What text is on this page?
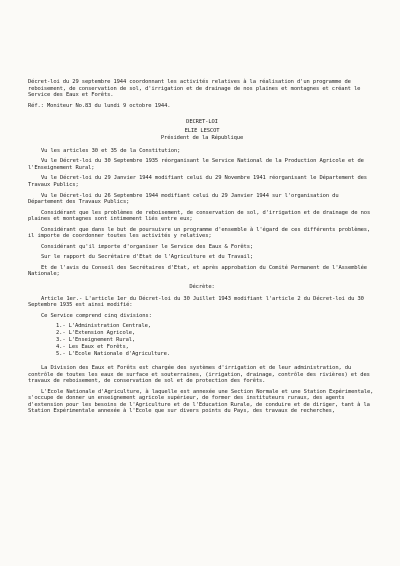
Décret-loi du 29 septembre 1944 coordonnant les activités relatives à la réalisation d'un programme de reboisement, de conservation de sol, d'irrigation et de drainage de nos plaines et montagnes et créant le Service des Eaux et Forêts.

Réf.: Moniteur No.83 du lundi 9 octobre 1944.

DECRET-LOI

ELIE LESCOT

Président de la République

Vu les articles 30 et 35 de la Constitution;

Vu le Décret-loi du 30 Septembre 1935 réorganisant le Service National de la Production Agricole et de l'Enseignement Rural;

Vu le Décret-loi du 29 Janvier 1944 modifiant celui du 29 Novembre 1941 réorganisant le Département des Travaux Publics;

Vu le Décret-loi du 26 Septembre 1944 modifiant celui du 29 Janvier 1944 sur l'organisation du Département des Travaux Publics;

Considérant que les problèmes de reboisement, de conservation de sol, d'irrigation et de drainage de nos plaines et montagnes sont intimement liés entre eux;

Considérant que dans le but de poursuivre un programme d'ensemble à l'égard de ces différents problèmes, il importe de coordonner toutes les activités y relatives;

Considérant qu'il importe d'organiser le Service des Eaux & Forêts;

Sur le rapport du Secrétaire d'Etat de l'Agriculture et du Travail;

Et de l'avis du Conseil des Secrétaires d'Etat, et après approbation du Comité Permanent de l'Assemblée Nationale;

Décrète:

Article 1er.- L'article 1er du Décret-loi du 30 Juillet 1943 modifiant l'article 2 du Décret-loi du 30 Septembre 1935 est ainsi modifié:

Ce Service comprend cinq divisions:

1.- L'Administration Centrale,
2.- L'Extension Agricole,
3.- L'Enseignement Rural,
4.- Les Eaux et Forêts,
5.- L'Ecole Nationale d'Agriculture.

La Division des Eaux et Forêts est chargée des systèmes d'irrigation et de leur administration, du contrôle de toutes les eaux de surface et souterraines, (irrigation, drainage, contrôle des rivières) et des travaux de reboisement, de conservation de sol et de protection des forêts.

L'Ecole Nationale d'Agriculture, à laquelle est annexée une Section Normale et une Station Expérimentale, s'occupe de donner un enseignement agricole supérieur, de former des instituteurs ruraux, des agents d'extension pour les besoins de l'Agriculture et de l'Education Rurale, de conduire et de diriger, tant à la Station Expérimentale annexée à l'Ecole que sur divers points du Pays, des travaux de recherches,
